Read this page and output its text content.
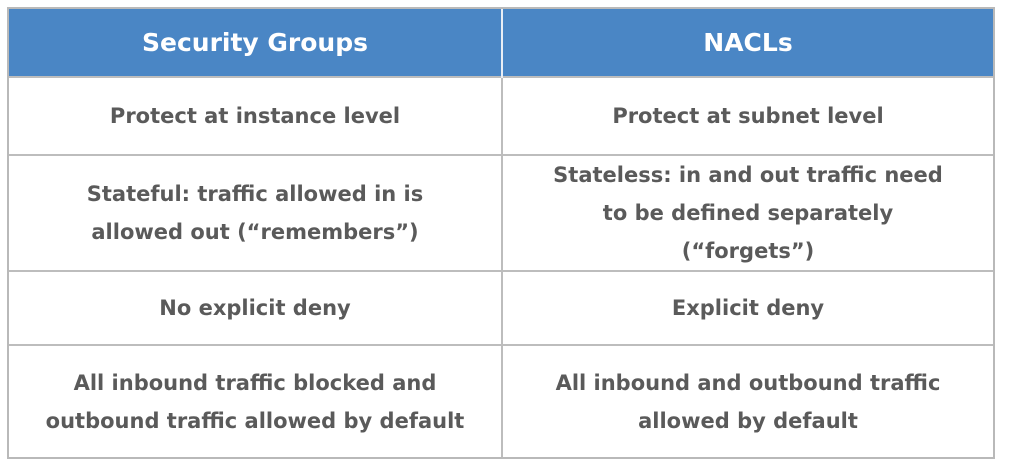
Security Groups	NACLs
Protect at instance level	Protect at subnet level
Stateful: traffic allowed in is allowed out (“remembers”)	Stateless: in and out traffic need to be defined separately (“forgets”)
No explicit deny	Explicit deny
All inbound traffic blocked and outbound traffic allowed by default	All inbound and outbound traffic allowed by default
